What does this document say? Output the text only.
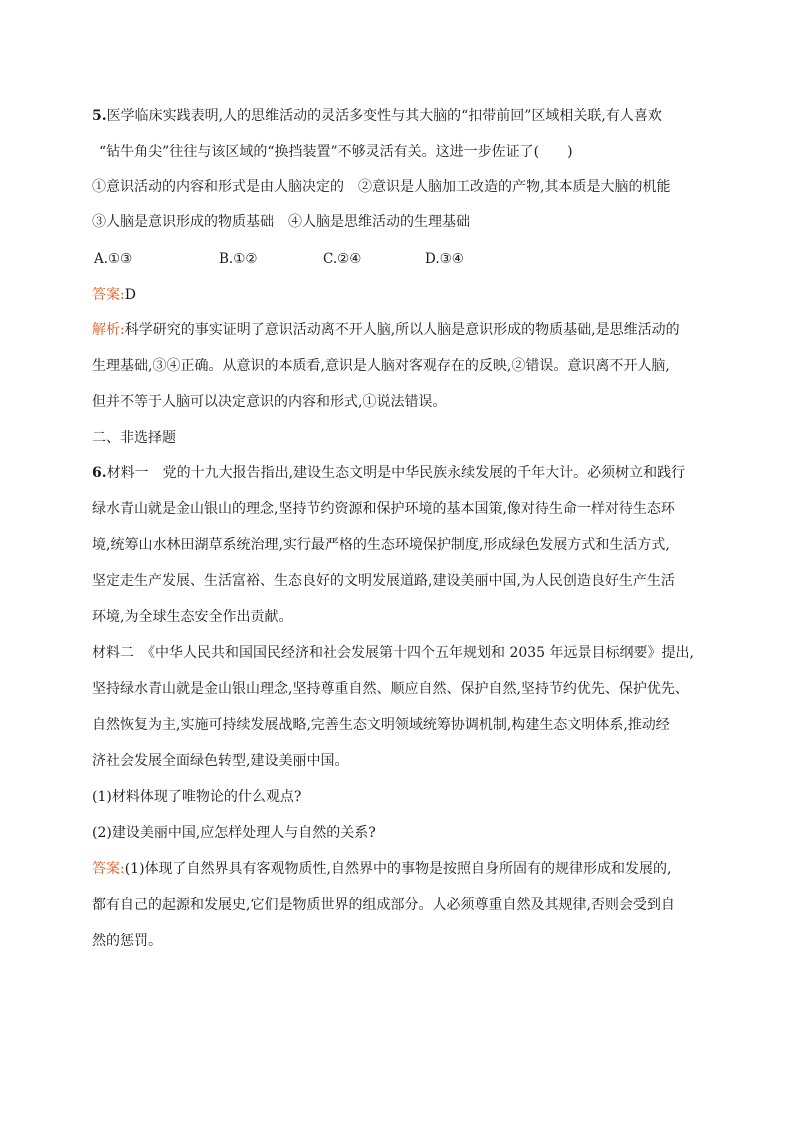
5.医学临床实践表明,人的思维活动的灵活多变性与其大脑的“扣带前回”区域相关联,有人喜欢
“钻牛角尖”往往与该区域的“换挡装置”不够灵活有关。这进一步佐证了(　　)
①意识活动的内容和形式是由人脑决定的　②意识是人脑加工改造的产物,其本质是大脑的机能
③人脑是意识形成的物质基础　④人脑是思维活动的生理基础
A.①③	B.①②	C.②④	D.③④
答案:D
解析:科学研究的事实证明了意识活动离不开人脑,所以人脑是意识形成的物质基础,是思维活动的
生理基础,③④正确。从意识的本质看,意识是人脑对客观存在的反映,②错误。意识离不开人脑,
但并不等于人脑可以决定意识的内容和形式,①说法错误。
二、非选择题
6.材料一　党的十九大报告指出,建设生态文明是中华民族永续发展的千年大计。必须树立和践行
绿水青山就是金山银山的理念,坚持节约资源和保护环境的基本国策,像对待生命一样对待生态环
境,统筹山水林田湖草系统治理,实行最严格的生态环境保护制度,形成绿色发展方式和生活方式,
坚定走生产发展、生活富裕、生态良好的文明发展道路,建设美丽中国,为人民创造良好生产生活
环境,为全球生态安全作出贡献。
材料二　《中华人民共和国国民经济和社会发展第十四个五年规划和 2035 年远景目标纲要》提出,
坚持绿水青山就是金山银山理念,坚持尊重自然、顺应自然、保护自然,坚持节约优先、保护优先、
自然恢复为主,实施可持续发展战略,完善生态文明领域统筹协调机制,构建生态文明体系,推动经
济社会发展全面绿色转型,建设美丽中国。
(1)材料体现了唯物论的什么观点?
(2)建设美丽中国,应怎样处理人与自然的关系?
答案:(1)体现了自然界具有客观物质性,自然界中的事物是按照自身所固有的规律形成和发展的,
都有自己的起源和发展史,它们是物质世界的组成部分。人必须尊重自然及其规律,否则会受到自
然的惩罚。
